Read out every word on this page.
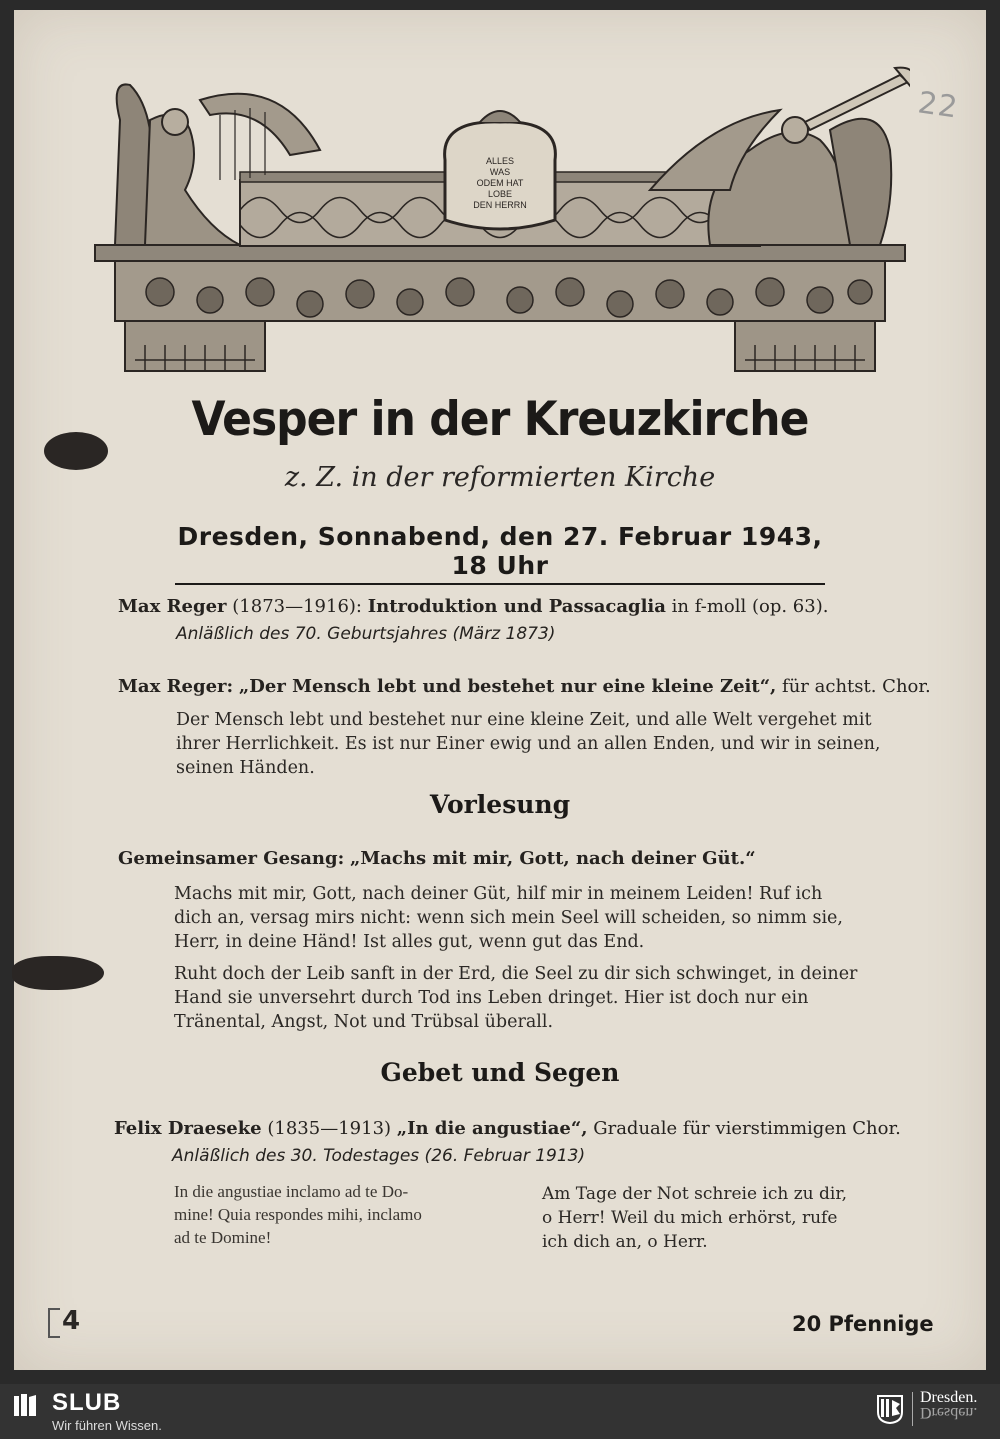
ALLES
WAS
ODEM HAT
LOBE
DEN HERRN
22
Vesper in der Kreuzkirche
z. Z. in der reformierten Kirche
Dresden, Sonnabend, den 27. Februar 1943, 18 Uhr
Max Reger (1873—1916): Introduktion und Passacaglia in f-moll (op. 63).
Anläßlich des 70. Geburtsjahres (März 1873)
Max Reger: „Der Mensch lebt und bestehet nur eine kleine Zeit“, für achtst. Chor.
Der Mensch lebt und bestehet nur eine kleine Zeit, und alle Welt vergehet mit
ihrer Herrlichkeit. Es ist nur Einer ewig und an allen Enden, und wir in seinen,
seinen Händen.
Vorlesung
Gemeinsamer Gesang: „Machs mit mir, Gott, nach deiner Güt.“
Machs mit mir, Gott, nach deiner Güt, hilf mir in meinem Leiden! Ruf ich
dich an, versag mirs nicht: wenn sich mein Seel will scheiden, so nimm sie,
Herr, in deine Händ! Ist alles gut, wenn gut das End.
Ruht doch der Leib sanft in der Erd, die Seel zu dir sich schwinget, in deiner
Hand sie unversehrt durch Tod ins Leben dringet. Hier ist doch nur ein
Tränental, Angst, Not und Trübsal überall.
Gebet und Segen
Felix Draeseke (1835—1913) „In die angustiae“, Graduale für vierstimmigen Chor.
Anläßlich des 30. Todestages (26. Februar 1913)
In die angustiae inclamo ad te Do-
mine! Quia respondes mihi, inclamo
ad te Domine!
Am Tage der Not schreie ich zu dir,
o Herr! Weil du mich erhörst, rufe
ich dich an, o Herr.
4	20 Pfennige
SLUB
Wir führen Wissen.
Dresden.
Dresden.
